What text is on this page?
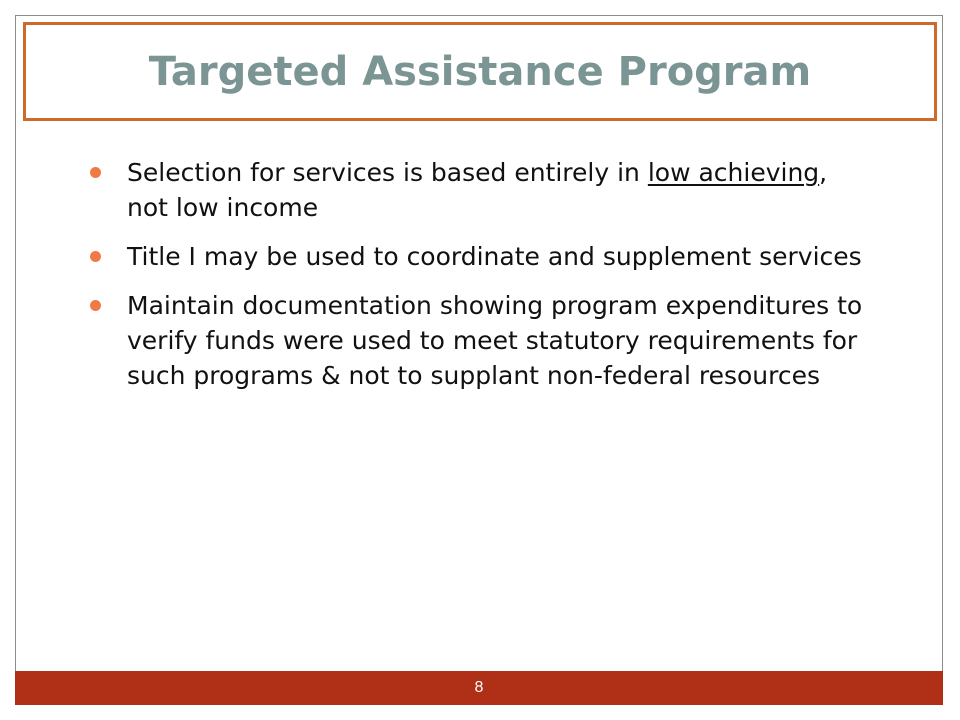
Targeted Assistance Program
Selection for services is based entirely in low achieving, not low income
Title I may be used to coordinate and supplement services
Maintain documentation showing program expenditures to verify funds were used to meet statutory requirements for such programs & not to supplant non-federal resources
8
